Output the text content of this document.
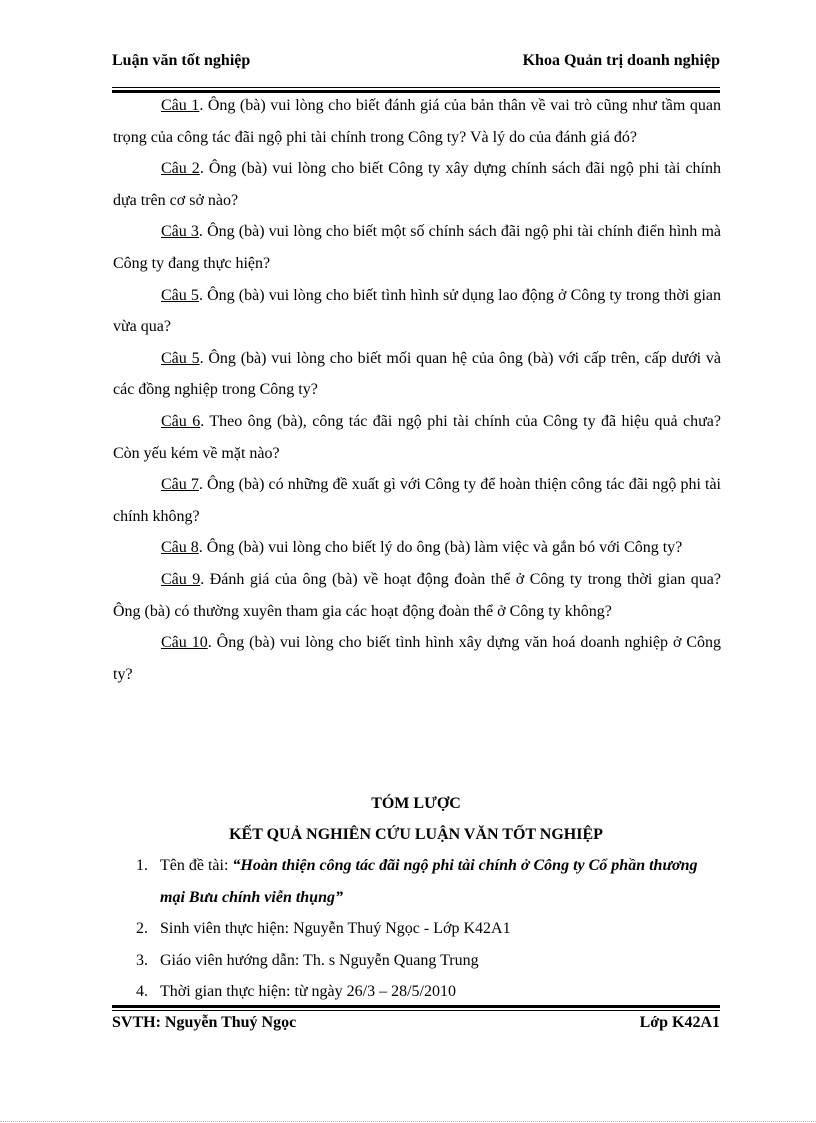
Luận văn tốt nghiệp	Khoa Quản trị doanh nghiệp

Câu 1. Ông (bà) vui lòng cho biết đánh giá của bản thân về vai trò cũng như tầm quan trọng của công tác đãi ngộ phi tài chính trong Công ty? Và lý do của đánh giá đó?

Câu 2. Ông (bà) vui lòng cho biết Công ty xây dựng chính sách đãi ngộ phi tài chính dựa trên cơ sở nào?

Câu 3. Ông (bà) vui lòng cho biết một số chính sách đãi ngộ phi tài chính điển hình mà Công ty đang thực hiện?

Câu 5. Ông (bà) vui lòng cho biết tình hình sử dụng lao động ở Công ty trong thời gian vừa qua?

Câu 5. Ông (bà) vui lòng cho biết mối quan hệ của ông (bà) với cấp trên, cấp dưới và các đồng nghiệp trong Công ty?

Câu 6. Theo ông (bà), công tác đãi ngộ phi tài chính của Công ty đã hiệu quả chưa? Còn yếu kém về mặt nào?

Câu 7. Ông (bà) có những đề xuất gì với Công ty để hoàn thiện công tác đãi ngộ phi tài chính không?

Câu 8. Ông (bà) vui lòng cho biết lý do ông (bà) làm việc và gắn bó với Công ty?

Câu 9. Đánh giá của ông (bà) về hoạt động đoàn thể ở Công ty trong thời gian qua? Ông (bà) có thường xuyên tham gia các hoạt động đoàn thể ở Công ty không?

Câu 10. Ông (bà) vui lòng cho biết tình hình xây dựng văn hoá doanh nghiệp ở Công ty?

TÓM LƯỢC
KẾT QUẢ NGHIÊN CỨU LUẬN VĂN TỐT NGHIỆP
1. Tên đề tài: “Hoàn thiện công tác đãi ngộ phi tài chính ở Công ty Cổ phần thương mại Bưu chính viễn thụng”
2. Sinh viên thực hiện: Nguyễn Thuý Ngọc - Lớp K42A1
3. Giáo viên hướng dẫn: Th. s Nguyễn Quang Trung
4. Thời gian thực hiện: từ ngày 26/3 – 28/5/2010
SVTH: Nguyễn Thuý Ngọc	Lớp K42A1
